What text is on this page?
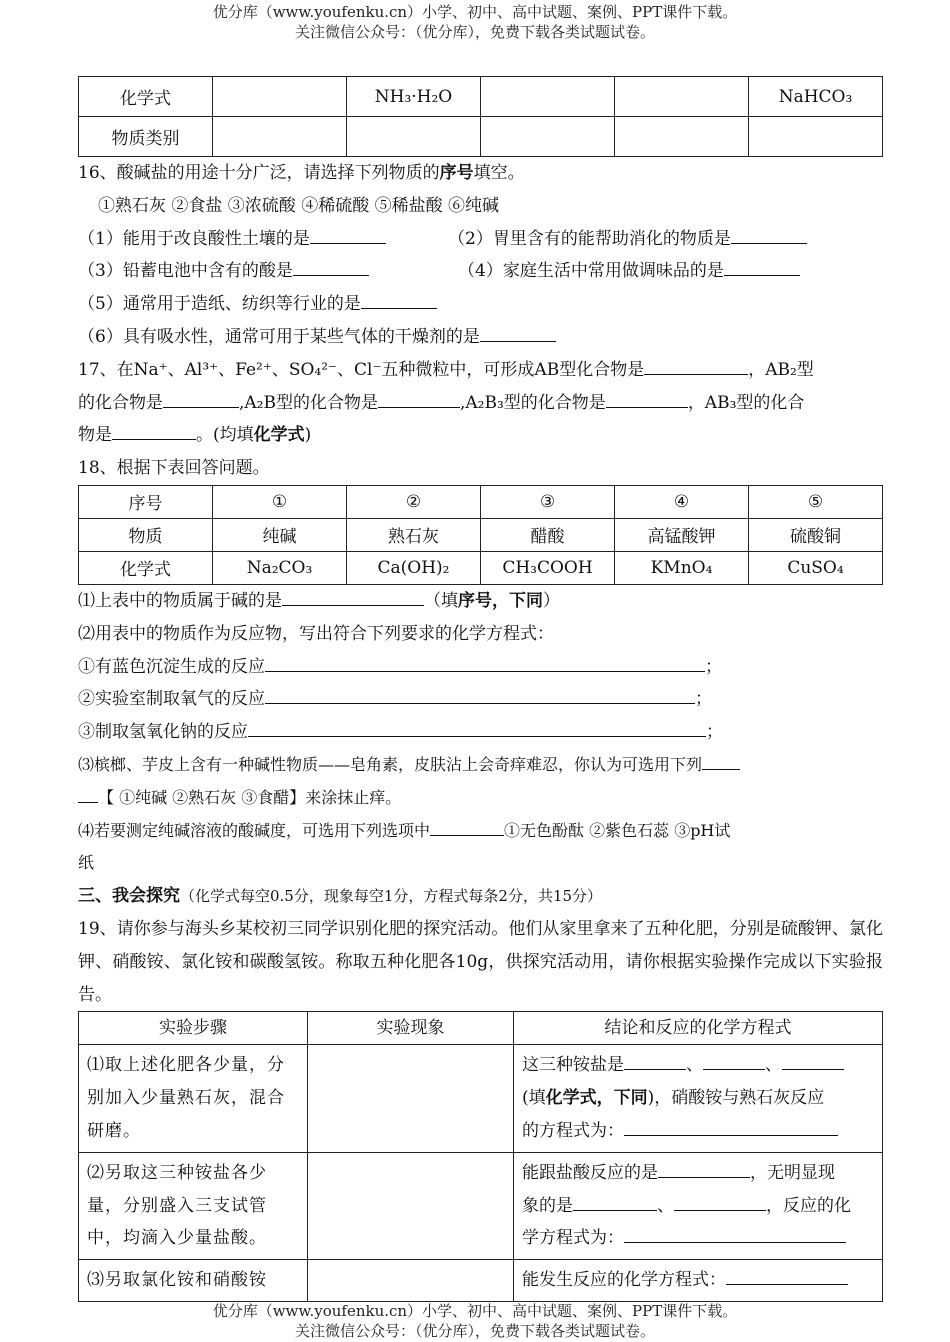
优分库（www.youfenku.cn）小学、初中、高中试题、案例、PPT课件下载。
关注微信公众号：（优分库），免费下载各类试题试卷。
化学式		NH₃·H₂O			NaHCO₃
物质类别					
16、酸碱盐的用途十分广泛，请选择下列物质的序号填空。
①熟石灰 ②食盐 ③浓硫酸 ④稀硫酸 ⑤稀盐酸 ⑥纯碱
（1）能用于改良酸性土壤的是	（2）胃里含有的能帮助消化的物质是
（3）铅蓄电池中含有的酸是	（4）家庭生活中常用做调味品的是
（5）通常用于造纸、纺织等行业的是
（6）具有吸水性，通常可用于某些气体的干燥剂的是
17、在Na⁺、Al³⁺、Fe²⁺、SO₄²⁻、Cl⁻五种微粒中，可形成AB型化合物是	，AB₂型
的化合物是	,A₂B型的化合物是	,A₂B₃型的化合物是	，AB₃型的化合
物是	。(均填化学式)
18、根据下表回答问题。
序号	①	②	③	④	⑤
物质	纯碱	熟石灰	醋酸	高锰酸钾	硫酸铜
化学式	Na₂CO₃	Ca(OH)₂	CH₃COOH	KMnO₄	CuSO₄
⑴上表中的物质属于碱的是	（填序号，下同）
⑵用表中的物质作为反应物，写出符合下列要求的化学方程式：
①有蓝色沉淀生成的反应	；
②实验室制取氧气的反应	；
③制取氢氧化钠的反应	；
⑶槟榔、芋皮上含有一种碱性物质——皂角素，皮肤沾上会奇痒难忍，你认为可选用下列
【 ①纯碱 ②熟石灰 ③食醋】来涂抹止痒。
⑷若要测定纯碱溶液的酸碱度，可选用下列选项中	①无色酚酞 ②紫色石蕊 ③pH试
纸
三、我会探究（化学式每空0.5分，现象每空1分，方程式每条2分，共15分）
19、请你参与海头乡某校初三同学识别化肥的探究活动。他们从家里拿来了五种化肥，分别是硫酸钾、氯化钾、硝酸铵、氯化铵和碳酸氢铵。称取五种化肥各10g，供探究活动用，请你根据实验操作完成以下实验报告。
实验步骤	实验现象	结论和反应的化学方程式
⑴取上述化肥各少量，分别加入少量熟石灰，混合研磨。		这三种铵盐是 、 、
(填化学式，下同)，硝酸铵与熟石灰反应
的方程式为：
⑵另取这三种铵盐各少量，分别盛入三支试管中，均滴入少量盐酸。		能跟盐酸反应的是 ，无明显现
象的是 、 ，反应的化
学方程式为：
⑶另取氯化铵和硝酸铵		能发生反应的化学方程式：
优分库（www.youfenku.cn）小学、初中、高中试题、案例、PPT课件下载。
关注微信公众号：（优分库），免费下载各类试题试卷。
